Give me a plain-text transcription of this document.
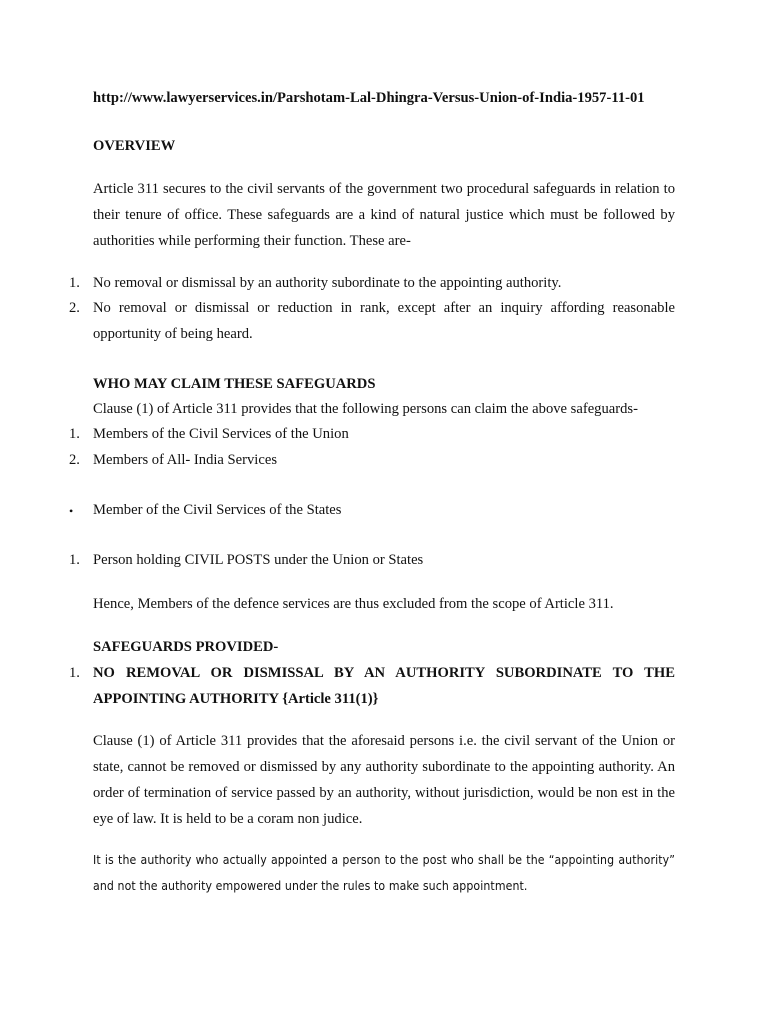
http://www.lawyerservices.in/Parshotam-Lal-Dhingra-Versus-Union-of-India-1957-11-01
OVERVIEW
Article 311 secures to the civil servants of the government two procedural safeguards in relation to their tenure of office. These safeguards are a kind of natural justice which must be followed by authorities while performing their function. These are-
1. No removal or dismissal by an authority subordinate to the appointing authority.
2. No removal or dismissal or reduction in rank, except after an inquiry affording reasonable opportunity of being heard.
WHO MAY CLAIM THESE SAFEGUARDS
Clause (1) of Article 311 provides that the following persons can claim the above safeguards-
1. Members of the Civil Services of the Union
2. Members of All- India Services
• Member of the Civil Services of the States
1. Person holding CIVIL POSTS under the Union or States
Hence, Members of the defence services are thus excluded from the scope of Article 311.
SAFEGUARDS PROVIDED-
1. NO REMOVAL OR DISMISSAL BY AN AUTHORITY SUBORDINATE TO THE APPOINTING AUTHORITY {Article 311(1)}
Clause (1) of Article 311 provides that the aforesaid persons i.e. the civil servant of the Union or state, cannot be removed or dismissed by any authority subordinate to the appointing authority. An order of termination of service passed by an authority, without jurisdiction, would be non est in the eye of law. It is held to be a coram non judice.
It is the authority who actually appointed a person to the post who shall be the “appointing authority” and not the authority empowered under the rules to make such appointment.
